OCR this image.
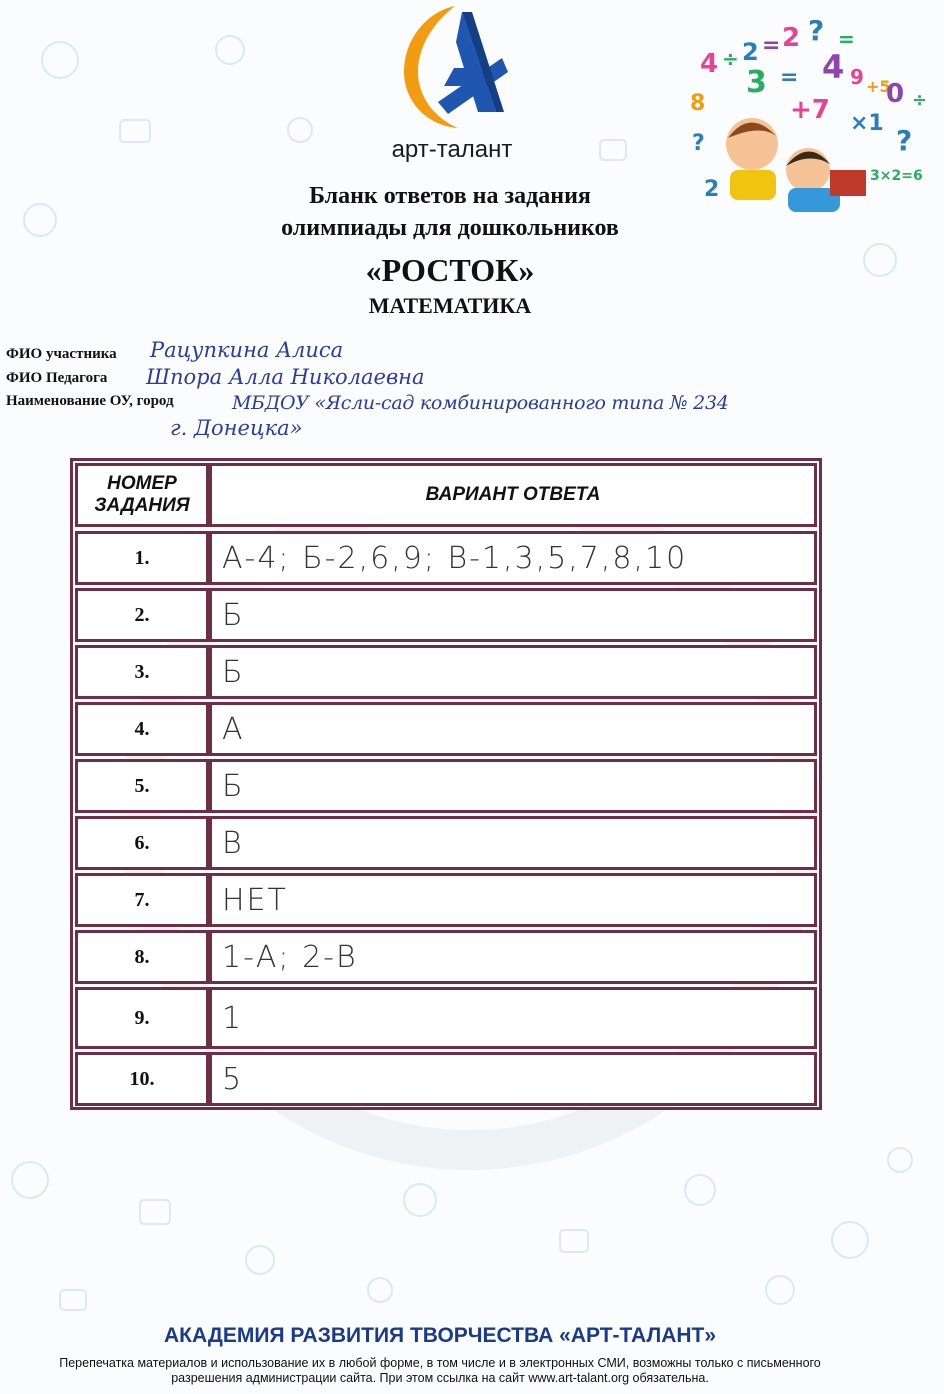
арт-талант
4 ÷ 2 = 2 ? =
3 = 4 9 +5
0 ÷
8	+7 ×1
?
?
2
3×2=6
Бланк ответов на задания
олимпиады для дошкольников
«РОСТОК»
МАТЕМАТИКА
ФИО участника Рацупкина Алиса
ФИО Педагога Шпора Алла Николаевна
Наименование ОУ, город	МБДОУ «Ясли-сад комбинированного типа № 234
г. Донецка»
НОМЕР ЗАДАНИЯ
ВАРИАНТ ОТВЕТА
1.	А-4; Б-2,6,9; В-1,3,5,7,8,10
2.	Б
3.	Б
4.	А
5.	Б
6.	В
7.	НЕТ
8.	1-А; 2-В
9.	1
10.	5
АКАДЕМИЯ РАЗВИТИЯ ТВОРЧЕСТВА «АРТ-ТАЛАНТ»
Перепечатка материалов и использование их в любой форме, в том числе и в электронных СМИ, возможны только с письменного разрешения администрации сайта. При этом ссылка на сайт www.art-talant.org обязательна.
